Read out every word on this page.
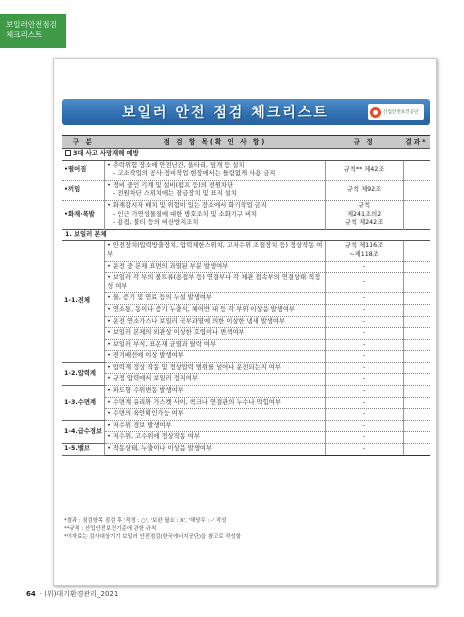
보일러안전점검
체크리스트
보일러 안전 점검 체크리스트	산업안전보건공단
구 분	점 검 항 목(확 인 사 항)	규 정	결과*
3대 사고 사망재해 예방			
•떨어짐	• 추락위험 장소에 안전난간, 울타리, 덮개 등 설치
- 고소작업의 공사·정비작업 현장에서는 틀림없게 사용 금지	규칙** 제42조	
•끼임	• 정비 중인 기계 및 설비(펌프 등)의 전원차단
- 전원차단 스위치에는 잠금장치 및 표지 설치	규칙 제92조	
•화재·폭발	• 화재감시자 배치 및 위험이 있는 장소에서 화기작업 금지
- 인근 가연성물질에 대한 방호조치 및 소화기구 비치
- 용접, 불티 등의 비산방지조치	규칙
제241조의2
규칙 제242조	
1. 보일러 본체			
1-1.전체	• 안전장치(압력방출장치, 압력제한스위치, 고저수위 조절장치 등) 정상작동 여부	규칙 제116조
~제118조	
	• 운전 중 본체 표면의 과열된 부분 발생여부	-	
	• 보일러 각 부의 볼트류(용접부 등) 연결부나 각 체관 접속부의 연결상태 적정성 여부	-	
	• 물, 증기 및 연료 등의 누설 발생여부	-	
	• 연소통, 동이나 증기 누출식, 체어반 내 등 각 부위 이상음 발생여부	-	
	• 운전 연소가스나 보일러 국부과열에 의한 이상한 냄새 발생여부	-	
	• 보일러 본체의 외관상 이상한 호엽이나 변색여부	-	
	• 보일러 부식, 표온재 균열과 탈락 여부	-	
	• 전기배선에 이상 발생여부	-	
1-2.압력계	• 압력계 정상 작동 및 정상압력 범위를 넘어나 운전되는지 여부	-	
	• 규정 압력에서 보일러 정지여부	-	
1-3.수면계	• 파도형 수위변동 발생여부	-	
	• 수면계 유리와 가스켓 사이, 콕크나 연결관의 누수나 막힘여부	-	
	• 수면의 육안확인가능 여부	-	
1-4.급수경보	• 저수위 경보 발생여부	-	
	• 저수위, 고수위에 정상작동 여부	-	
1-5.밸브	• 작동상태, 누출이나 이상음 발생여부	-	
*결과 : 점검항목 점검 후 '적정 : ○', '보완 필요 : X', '해당무 : -' 작성
**규칙 : 산업안전보건기준에 관한 규칙
*이자료는 검사대상기기 보일러 안전점검(한국에너지공단)을 참고로 작성함
64 · (위)대기환경관리_2021
